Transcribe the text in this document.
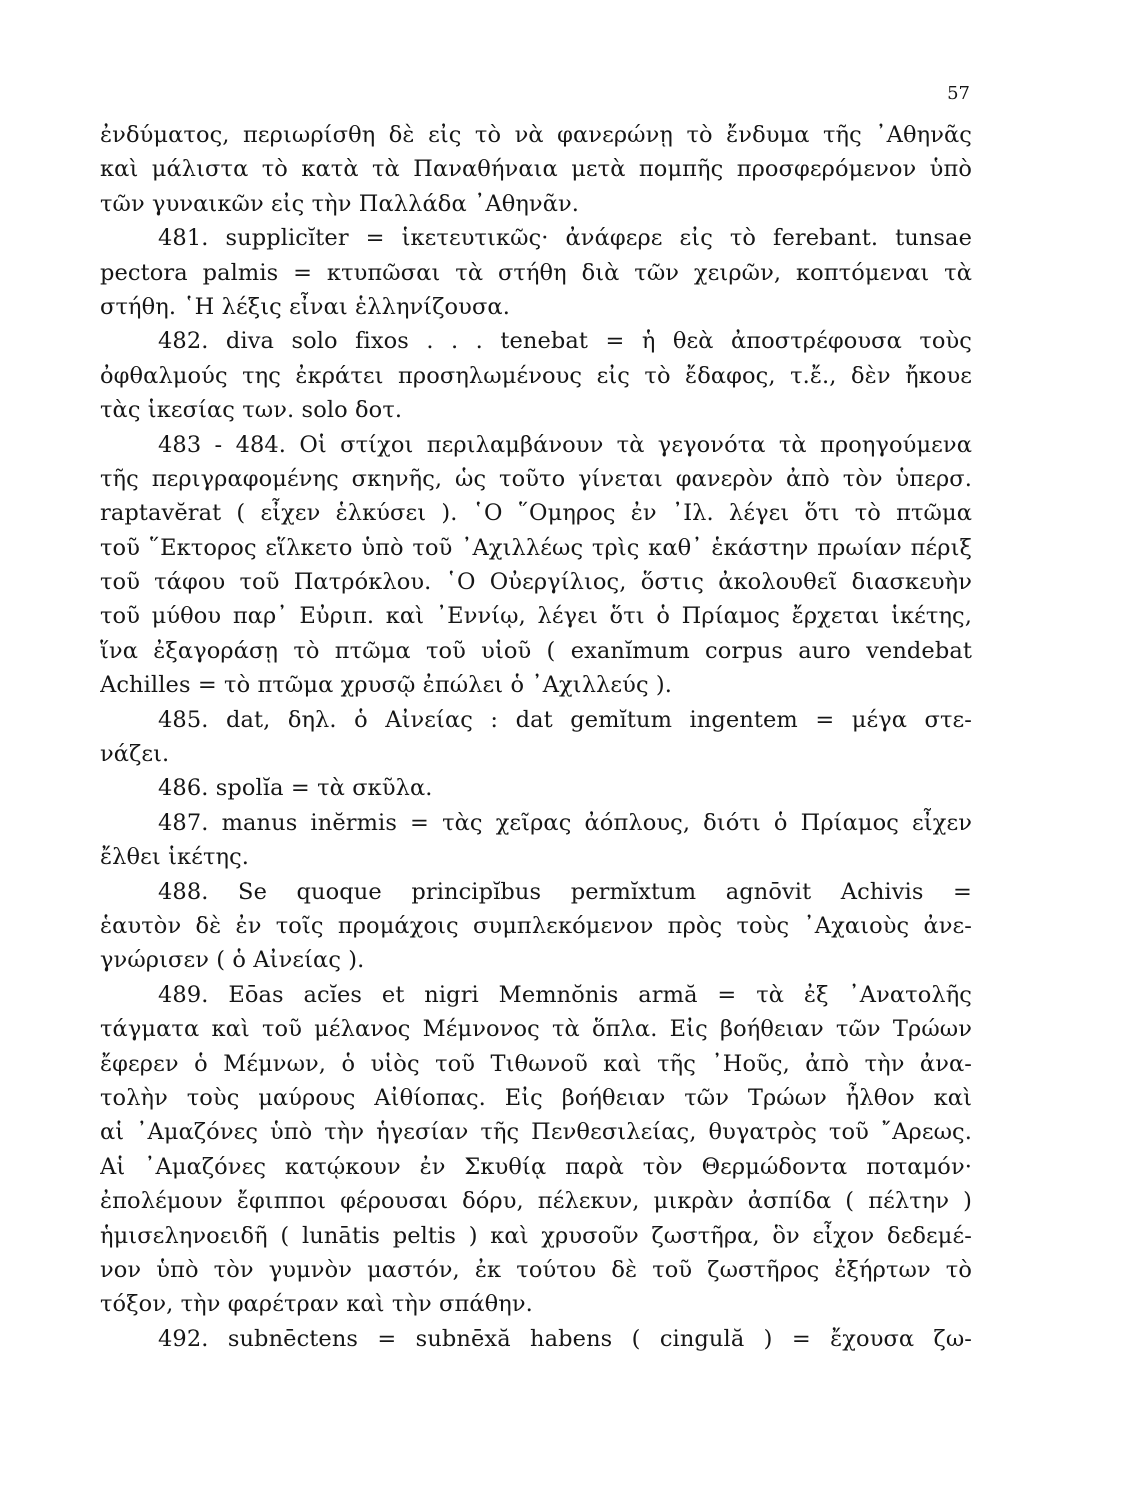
57
ἐνδύματος, περιωρίσθη δὲ εἰς τὸ νὰ φανερώνῃ τὸ ἔνδυμα τῆς ᾿Αθηνᾶς
καὶ μάλιστα τὸ κατὰ τὰ Παναθήναια μετὰ πομπῆς προσφερόμενον ὑπὸ
τῶν γυναικῶν εἰς τὴν Παλλάδα ᾿Αθηνᾶν.
481. supplicĭter = ἱκετευτικῶς· ἀνάφερε εἰς τὸ ferebant. tunsae
pectora palmis = κτυπῶσαι τὰ στήθη διὰ τῶν χειρῶν, κοπτόμεναι τὰ
στήθη. ῾Η λέξις εἶναι ἑλληνίζουσα.
482. diva solo fixos . . . tenebat = ἡ θεὰ ἀποστρέφουσα τοὺς
ὀφθαλμούς της ἐκράτει προσηλωμένους εἰς τὸ ἔδαφος, τ.ἔ., δὲν ἤκουε
τὰς ἱκεσίας των. solo δοτ.
483 - 484. Οἱ στίχοι περιλαμβάνουν τὰ γεγονότα τὰ προηγούμενα
τῆς περιγραφομένης σκηνῆς, ὡς τοῦτο γίνεται φανερὸν ἀπὸ τὸν ὑπερσ.
raptavĕrat ( εἶχεν ἑλκύσει ). ῾Ο ῞Ομηρος ἐν ᾿Ιλ. λέγει ὅτι τὸ πτῶμα
τοῦ ῞Εκτορος εἵλκετο ὑπὸ τοῦ ᾿Αχιλλέως τρὶς καθ᾿ ἑκάστην πρωίαν πέριξ
τοῦ τάφου τοῦ Πατρόκλου. ῾Ο Οὐεργίλιος, ὅστις ἀκολουθεῖ διασκευὴν
τοῦ μύθου παρ᾿ Εὐριπ. καὶ ᾿Εννίῳ, λέγει ὅτι ὁ Πρίαμος ἔρχεται ἱκέτης,
ἵνα ἐξαγοράσῃ τὸ πτῶμα τοῦ υἱοῦ ( exanĭmum corpus auro vendebat
Achilles = τὸ πτῶμα χρυσῷ ἐπώλει ὁ ᾿Αχιλλεύς ).
485. dat, δηλ. ὁ Αἰνείας : dat gemĭtum ingentem = μέγα στε-
νάζει.
486. spolĭa = τὰ σκῦλα.
487. manus inĕrmis = τὰς χεῖρας ἀόπλους, διότι ὁ Πρίαμος εἶχεν
ἔλθει ἱκέτης.
488. Se quoque principĭbus permĭxtum agnōvit Achivis =
ἑαυτὸν δὲ ἐν τοῖς προμάχοις συμπλεκόμενον πρὸς τοὺς ᾿Αχαιοὺς ἀνε-
γνώρισεν ( ὁ Αἰνείας ).
489. Eōas acĭes et nigri Memnŏnis armă = τὰ ἐξ ᾿Ανατολῆς
τάγματα καὶ τοῦ μέλανος Μέμνονος τὰ ὅπλα. Εἰς βοήθειαν τῶν Τρώων
ἔφερεν ὁ Μέμνων, ὁ υἱὸς τοῦ Τιθωνοῦ καὶ τῆς ᾿Ηοῦς, ἀπὸ τὴν ἀνα-
τολὴν τοὺς μαύρους Αἰθίοπας. Εἰς βοήθειαν τῶν Τρώων ἦλθον καὶ
αἱ ᾿Αμαζόνες ὑπὸ τὴν ἡγεσίαν τῆς Πενθεσιλείας, θυγατρὸς τοῦ ῎Αρεως.
Αἱ ᾿Αμαζόνες κατῴκουν ἐν Σκυθίᾳ παρὰ τὸν Θερμώδοντα ποταμόν·
ἐπολέμουν ἔφιπποι φέρουσαι δόρυ, πέλεκυν, μικρὰν ἀσπίδα ( πέλτην )
ἡμισεληνοειδῆ ( lunātis peltis ) καὶ χρυσοῦν ζωστῆρα, ὃν εἶχον δεδεμέ-
νον ὑπὸ τὸν γυμνὸν μαστόν, ἐκ τούτου δὲ τοῦ ζωστῆρος ἐξήρτων τὸ
τόξον, τὴν φαρέτραν καὶ τὴν σπάθην.
492. subnēctens = subnēxă habens ( cingulă ) = ἔχουσα ζω-
